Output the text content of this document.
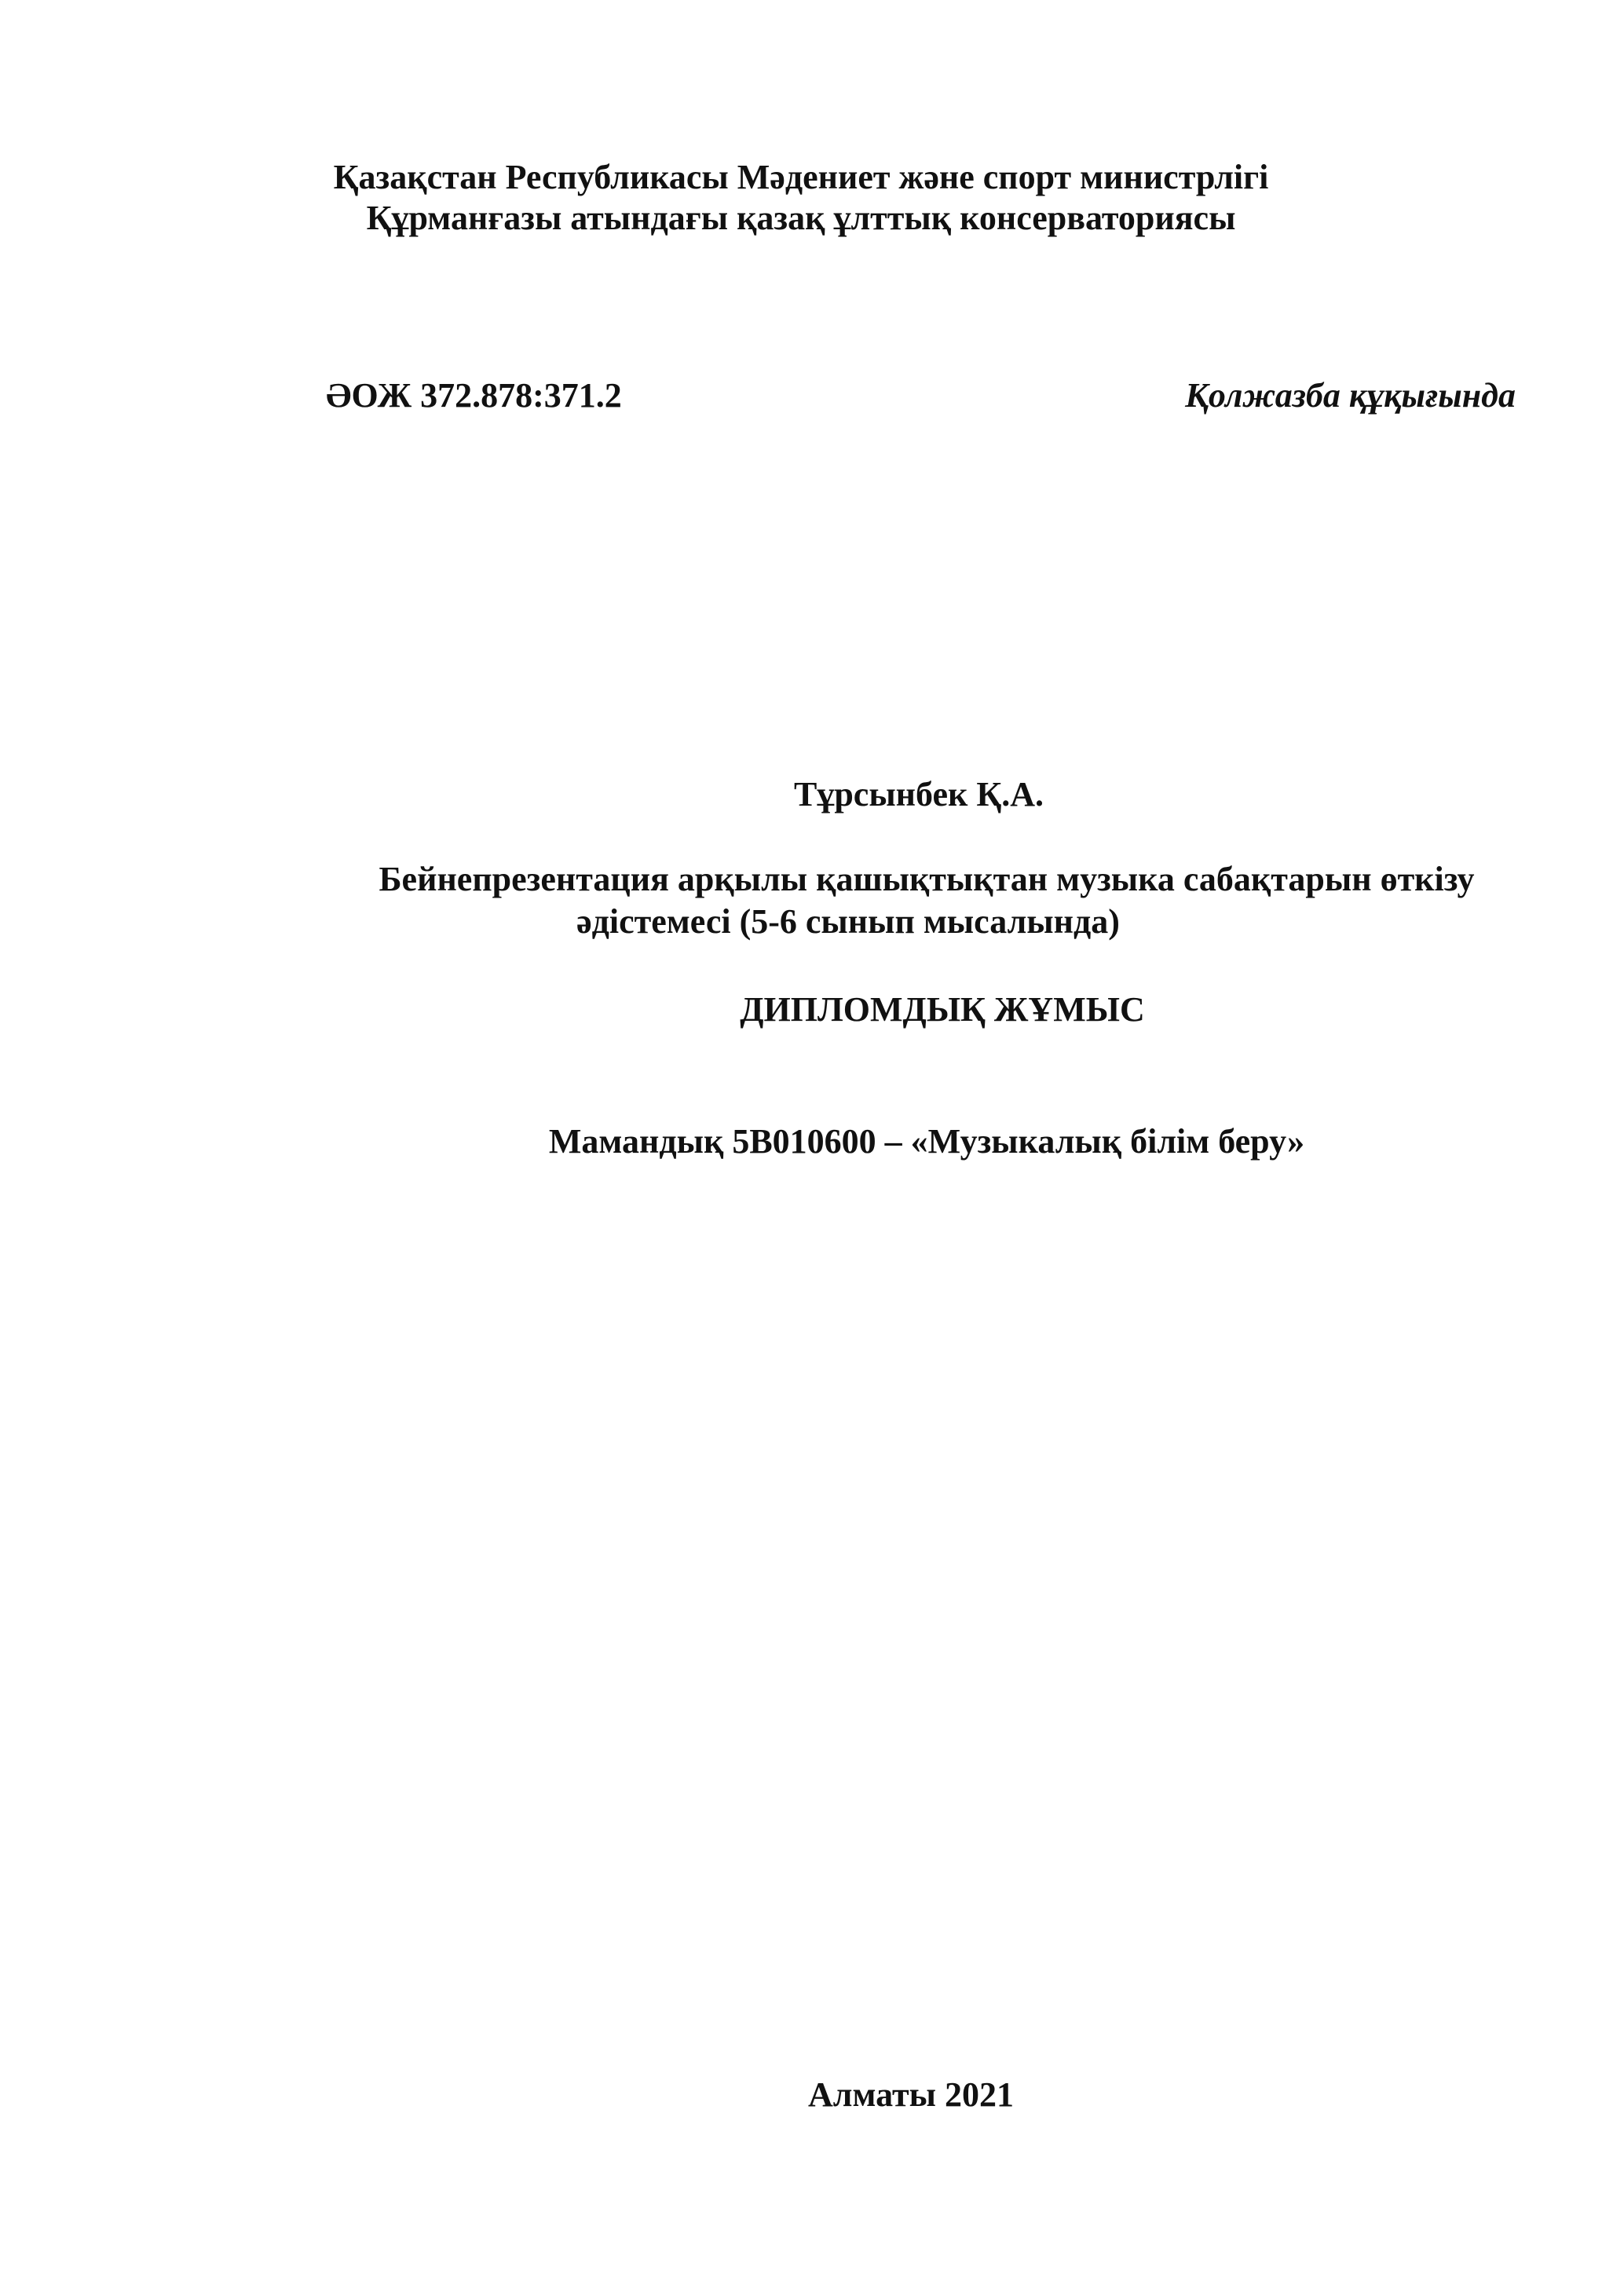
Қазақстан Республикасы Мәдениет және спорт министрлігі
Құрманғазы атындағы қазақ ұлттық консерваториясы
ӘОЖ 372.878:371.2	Қолжазба құқығында
Тұрсынбек Қ.А.
Бейнепрезентация арқылы қашықтықтан музыка сабақтарын өткізу
әдістемесі (5-6 сынып мысалында)
ДИПЛОМДЫҚ ЖҰМЫС
Мамандық 5В010600 – «Музыкалық білім беру»
Алматы 2021
